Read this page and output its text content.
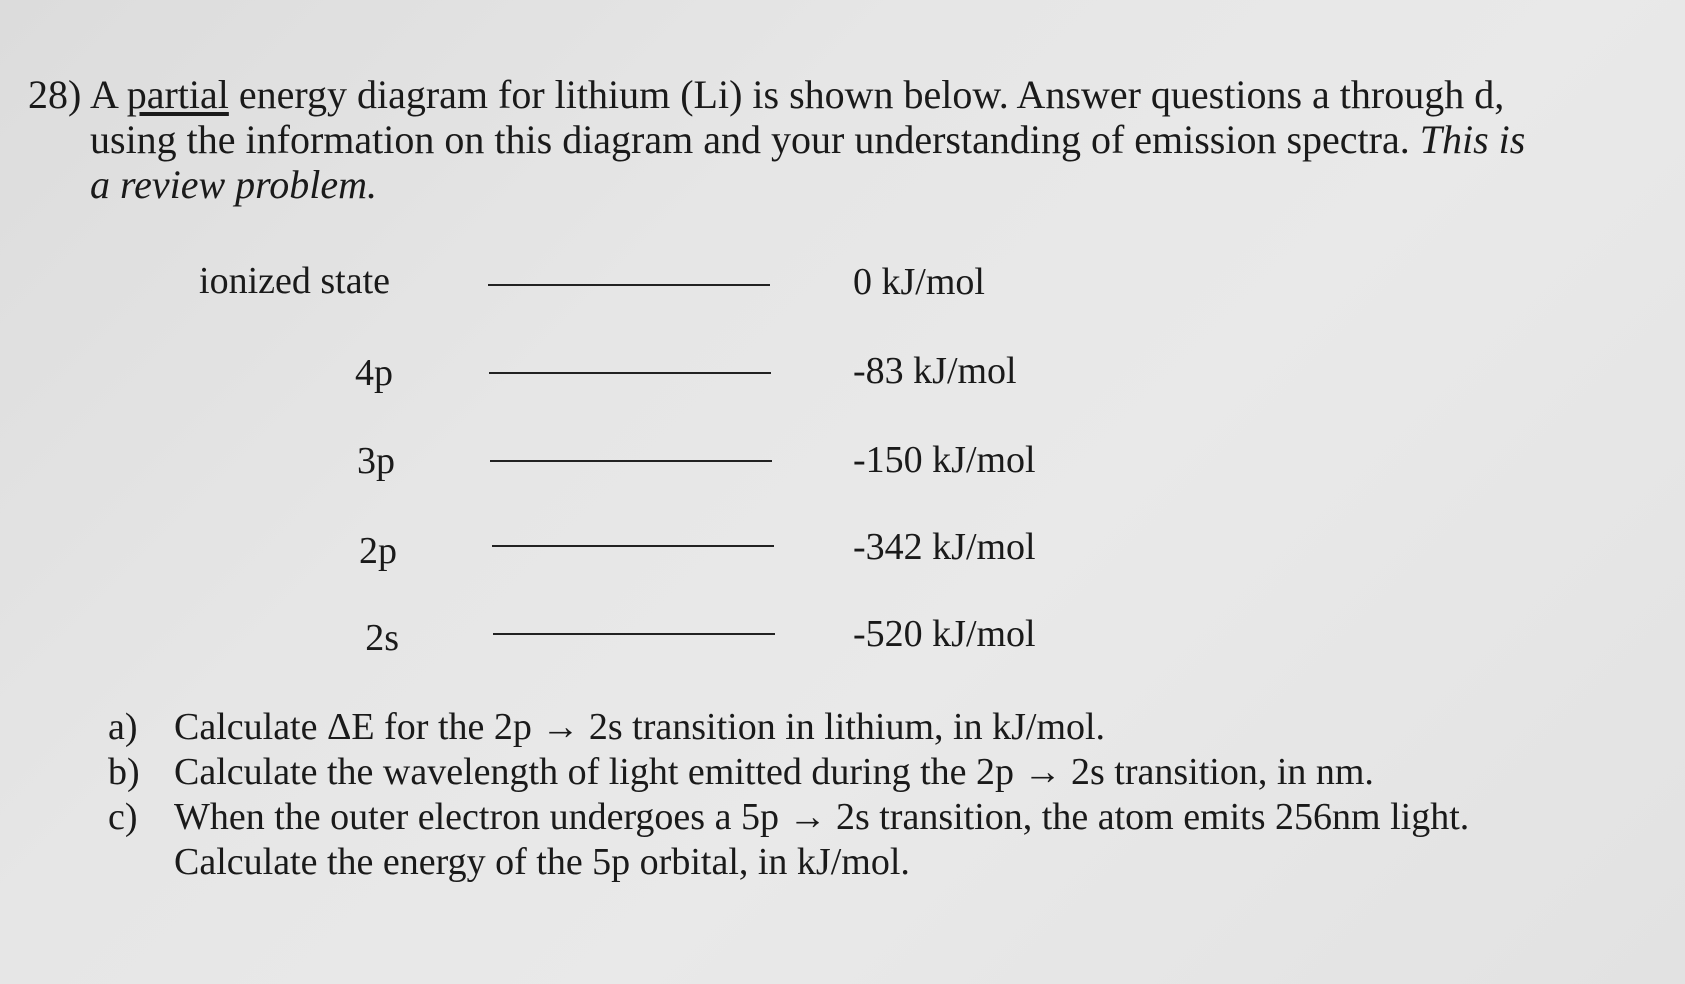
28) A partial energy diagram for lithium (Li) is shown below. Answer questions a through d, using the information on this diagram and your understanding of emission spectra. This is a review problem.
ionized state	0 kJ/mol
4p	-83 kJ/mol
3p	-150 kJ/mol
2p	-342 kJ/mol
2s	-520 kJ/mol
a) Calculate ΔE for the 2p → 2s transition in lithium, in kJ/mol.
b) Calculate the wavelength of light emitted during the 2p → 2s transition, in nm.
c) When the outer electron undergoes a 5p → 2s transition, the atom emits 256nm light. Calculate the energy of the 5p orbital, in kJ/mol.
